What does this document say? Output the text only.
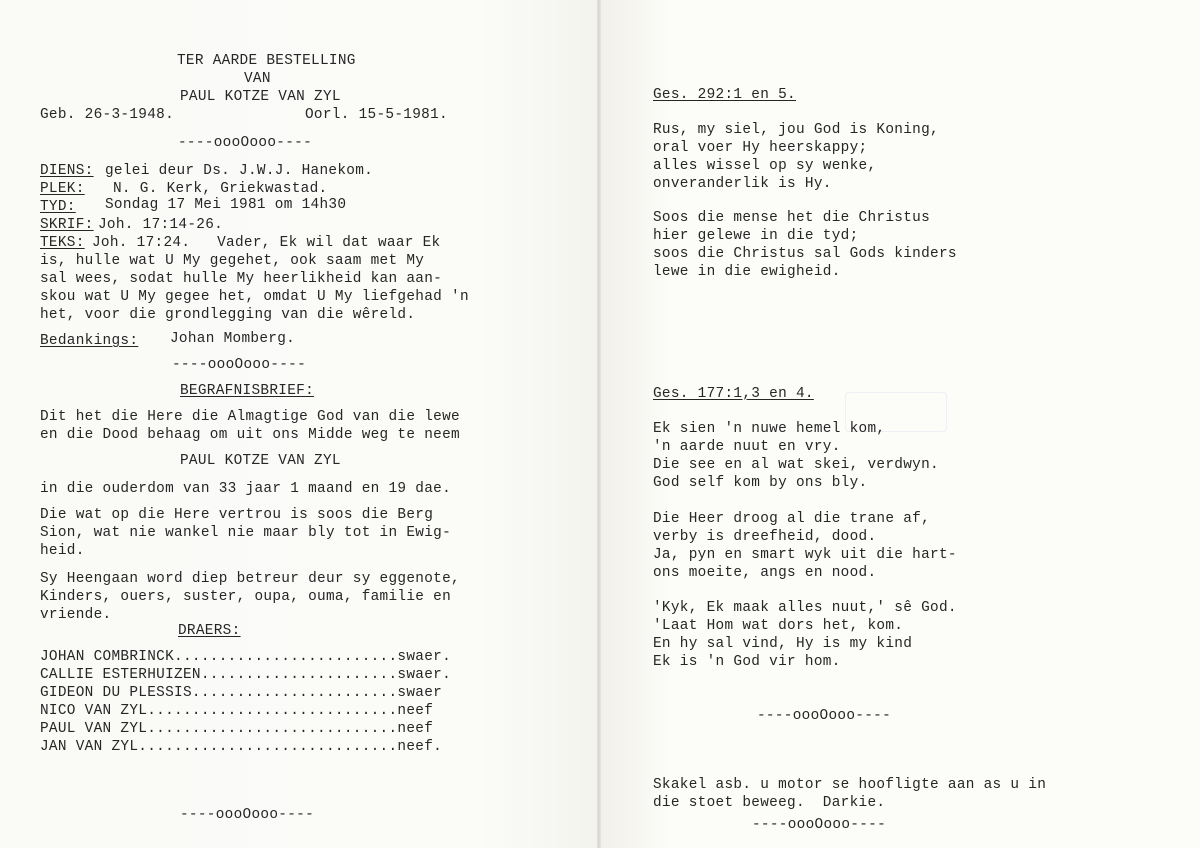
TER AARDE BESTELLING
VAN
PAUL KOTZE VAN ZYL
Geb. 26-3-1948.	Oorl. 15-5-1981.
----oooOooo----
DIENS: gelei deur Ds. J.W.J. Hanekom.
PLEK: N. G. Kerk, Griekwastad.
TYD: Sondag 17 Mei 1981 om 14h30
SKRIF: Joh. 17:14-26.
TEKS: Joh. 17:24.   Vader, Ek wil dat waar Ek
is, hulle wat U My gegehet, ook saam met My
sal wees, sodat hulle My heerlikheid kan aan-
skou wat U My gegee het, omdat U My liefgehad 'n
het, voor die grondlegging van die wêreld.
Bedankings: Johan Momberg.
----oooOooo----
BEGRAFNISBRIEF:
Dit het die Here die Almagtige God van die lewe
en die Dood behaag om uit ons Midde weg te neem
PAUL KOTZE VAN ZYL
in die ouderdom van 33 jaar 1 maand en 19 dae.
Die wat op die Here vertrou is soos die Berg
Sion, wat nie wankel nie maar bly tot in Ewig-
heid.
Sy Heengaan word diep betreur deur sy eggenote,
Kinders, ouers, suster, oupa, ouma, familie en
vriende.
DRAERS:
JOHAN COMBRINCK.........................swaer.
CALLIE ESTERHUIZEN......................swaer.
GIDEON DU PLESSIS.......................swaer
NICO VAN ZYL............................neef
PAUL VAN ZYL............................neef
JAN VAN ZYL.............................neef.
----oooOooo----
Ges. 292:1 en 5.
Rus, my siel, jou God is Koning,
oral voer Hy heerskappy;
alles wissel op sy wenke,
onveranderlik is Hy.
Soos die mense het die Christus
hier gelewe in die tyd;
soos die Christus sal Gods kinders
lewe in die ewigheid.
Ges. 177:1,3 en 4.
Ek sien 'n nuwe hemel kom,
'n aarde nuut en vry.
Die see en al wat skei, verdwyn.
God self kom by ons bly.
Die Heer droog al die trane af,
verby is dreefheid, dood.
Ja, pyn en smart wyk uit die hart-
ons moeite, angs en nood.
'Kyk, Ek maak alles nuut,' sê God.
'Laat Hom wat dors het, kom.
En hy sal vind, Hy is my kind
Ek is 'n God vir hom.
----oooOooo----
Skakel asb. u motor se hoofligte aan as u in
die stoet beweeg.  Darkie.
----oooOooo----
